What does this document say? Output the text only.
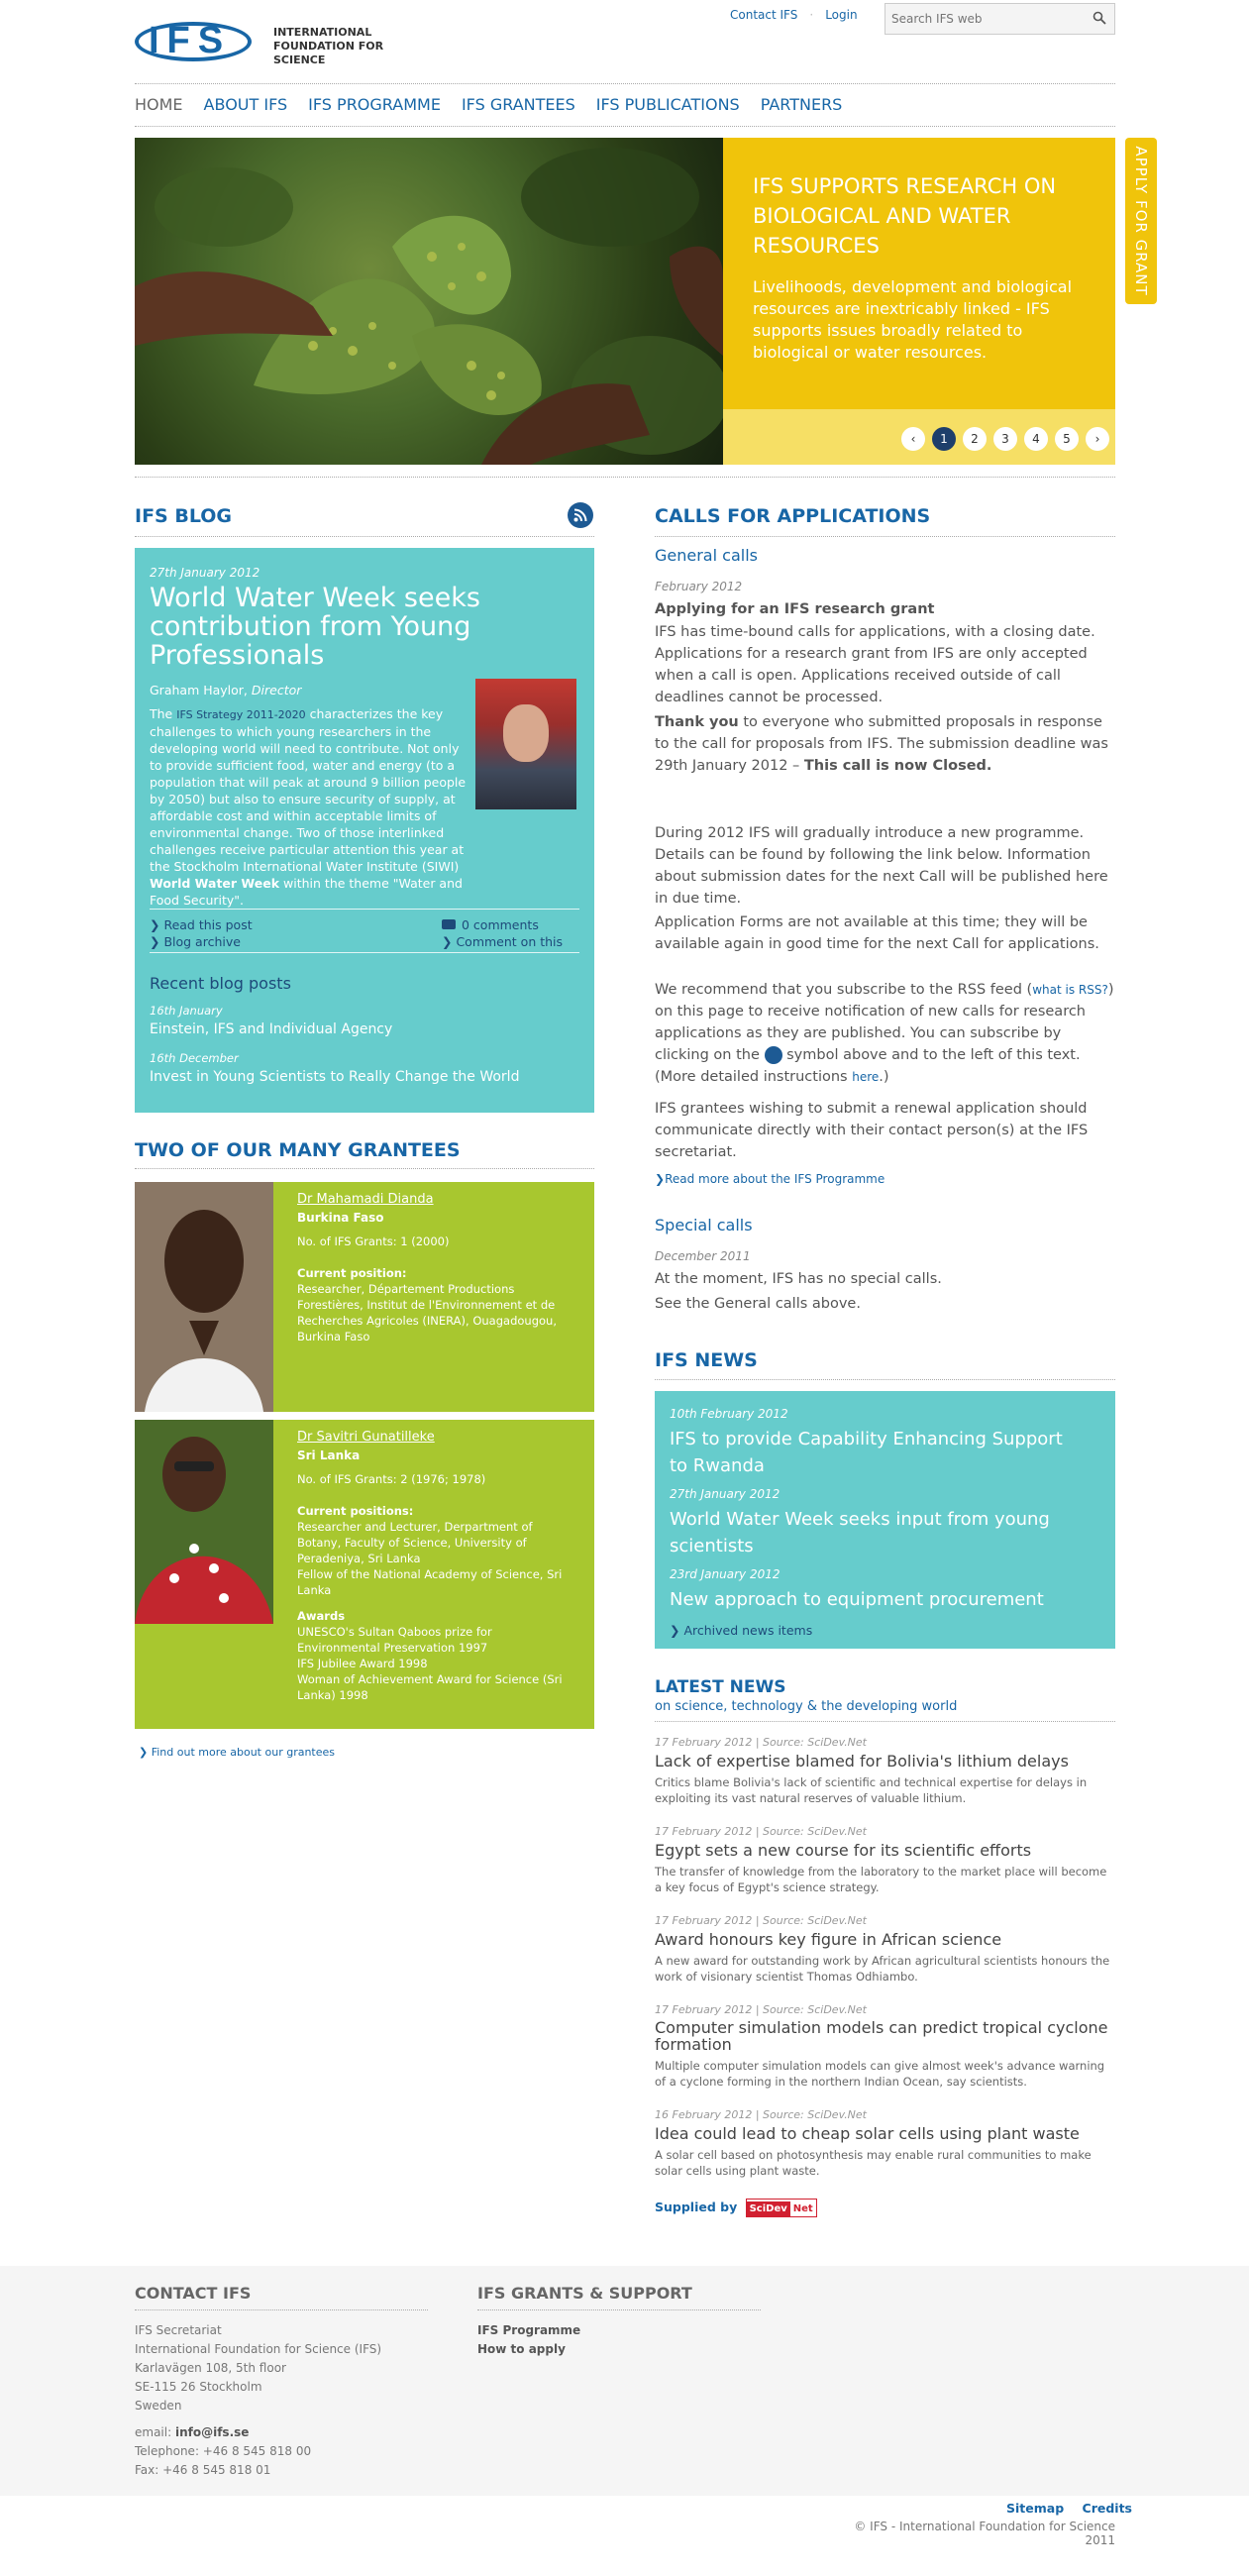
IFS	INTERNATIONAL FOUNDATION FOR SCIENCE
Contact IFS · Login
Search IFS web
HOME ABOUT IFS IFS PROGRAMME IFS GRANTEES IFS PUBLICATIONS PARTNERS
IFS SUPPORTS RESEARCH ON BIOLOGICAL AND WATER RESOURCES
Livelihoods, development and biological resources are inextricably linked - IFS supports issues broadly related to biological or water resources.
‹	1	2	3	4	5	›
APPLY FOR GRANT
IFS BLOG
27th January 2012
World Water Week seeks contribution from Young Professionals
Graham Haylor, Director
The IFS Strategy 2011-2020 characterizes the key challenges to which young researchers in the developing world will need to contribute. Not only to provide sufficient food, water and energy (to a population that will peak at around 9 billion people by 2050) but also to ensure security of supply, at affordable cost and within acceptable limits of environmental change. Two of those interlinked challenges receive particular attention this year at the Stockholm International Water Institute (SIWI) World Water Week within the theme "Water and Food Security".
❯ Read this post
❯ Blog archive
0 comments
❯ Comment on this
Recent blog posts
16th January
Einstein, IFS and Individual Agency
16th December
Invest in Young Scientists to Really Change the World
TWO OF OUR MANY GRANTEES
Dr Mahamadi Dianda
Burkina Faso
No. of IFS Grants: 1 (2000)
Current position:
Researcher, Département Productions Forestières, Institut de l'Environnement et de Recherches Agricoles (INERA), Ouagadougou, Burkina Faso
Dr Savitri Gunatilleke
Sri Lanka
No. of IFS Grants: 2 (1976; 1978)
Current positions:
Researcher and Lecturer, Derpartment of Botany, Faculty of Science, University of Peradeniya, Sri Lanka
Fellow of the National Academy of Science, Sri Lanka
Awards
UNESCO's Sultan Qaboos prize for Environmental Preservation 1997
IFS Jubilee Award 1998
Woman of Achievement Award for Science (Sri Lanka) 1998
❯ Find out more about our grantees
CALLS FOR APPLICATIONS
General calls
February 2012
Applying for an IFS research grant
IFS has time-bound calls for applications, with a closing date. Applications for a research grant from IFS are only accepted when a call is open. Applications received outside of call deadlines cannot be processed.
Thank you to everyone who submitted proposals in response to the call for proposals from IFS. The submission deadline was 29th January 2012 – This call is now Closed.
During 2012 IFS will gradually introduce a new programme. Details can be found by following the link below. Information about submission dates for the next Call will be published here in due time.
Application Forms are not available at this time; they will be available again in good time for the next Call for applications.
We recommend that you subscribe to the RSS feed (what is RSS?) on this page to receive notification of new calls for research applications as they are published. You can subscribe by clicking on the symbol above and to the left of this text. (More detailed instructions here.)
IFS grantees wishing to submit a renewal application should communicate directly with their contact person(s) at the IFS secretariat.
❯Read more about the IFS Programme
Special calls
December 2011
At the moment, IFS has no special calls.
See the General calls above.
IFS NEWS
10th February 2012
IFS to provide Capability Enhancing Support to Rwanda
27th January 2012
World Water Week seeks input from young scientists
23rd January 2012
New approach to equipment procurement
❯ Archived news items
LATEST NEWS
on science, technology & the developing world
17 February 2012 | Source: SciDev.Net
Lack of expertise blamed for Bolivia's lithium delays
Critics blame Bolivia's lack of scientific and technical expertise for delays in exploiting its vast natural reserves of valuable lithium.
17 February 2012 | Source: SciDev.Net
Egypt sets a new course for its scientific efforts
The transfer of knowledge from the laboratory to the market place will become a key focus of Egypt's science strategy.
17 February 2012 | Source: SciDev.Net
Award honours key figure in African science
A new award for outstanding work by African agricultural scientists honours the work of visionary scientist Thomas Odhiambo.
17 February 2012 | Source: SciDev.Net
Computer simulation models can predict tropical cyclone formation
Multiple computer simulation models can give almost week's advance warning of a cyclone forming in the northern Indian Ocean, say scientists.
16 February 2012 | Source: SciDev.Net
Idea could lead to cheap solar cells using plant waste
A solar cell based on photosynthesis may enable rural communities to make solar cells using plant waste.
Supplied by SciDev Net
CONTACT IFS
IFS Secretariat
International Foundation for Science (IFS)
Karlavägen 108, 5th floor
SE-115 26 Stockholm
Sweden
email: info@ifs.se
Telephone: +46 8 545 818 00
Fax: +46 8 545 818 01
IFS GRANTS & SUPPORT
IFS Programme
How to apply
Sitemap Credits
© IFS - International Foundation for Science 2011
